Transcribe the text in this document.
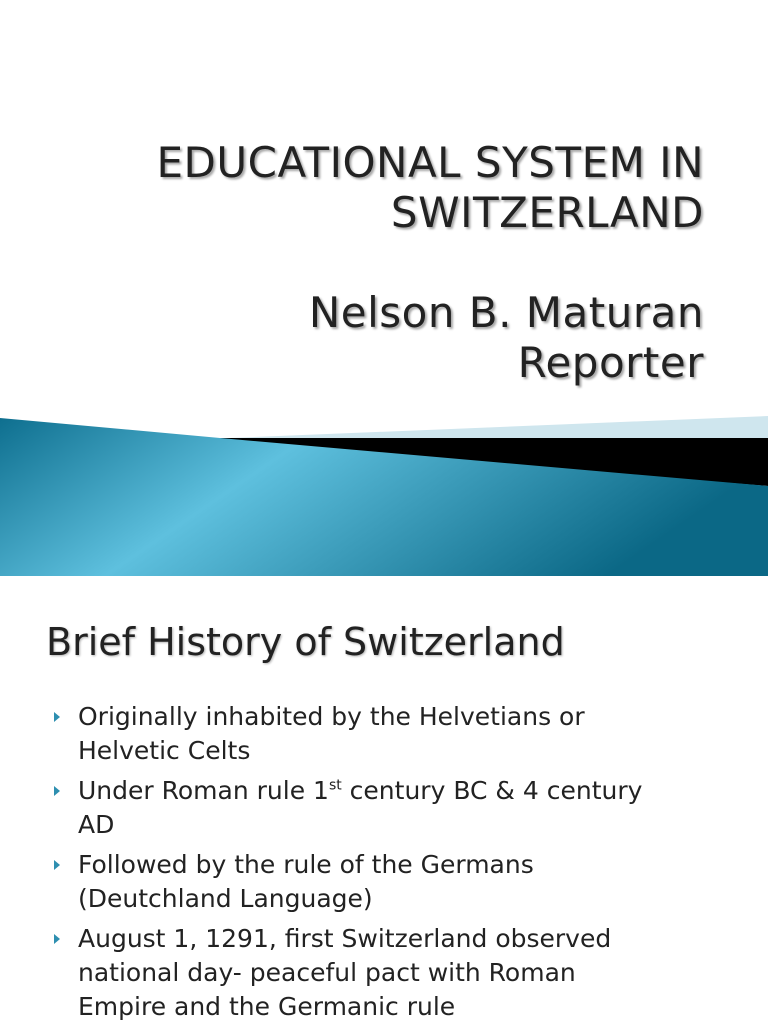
EDUCATIONAL SYSTEM IN
SWITZERLAND
Nelson B. Maturan
Reporter
Brief History of Switzerland
Originally inhabited by the Helvetians or
Helvetic Celts
Under Roman rule 1st century BC & 4 century
AD
Followed by the rule of the Germans
(Deutchland Language)
August 1, 1291, first Switzerland observed
national day- peaceful pact with Roman
Empire and the Germanic rule
